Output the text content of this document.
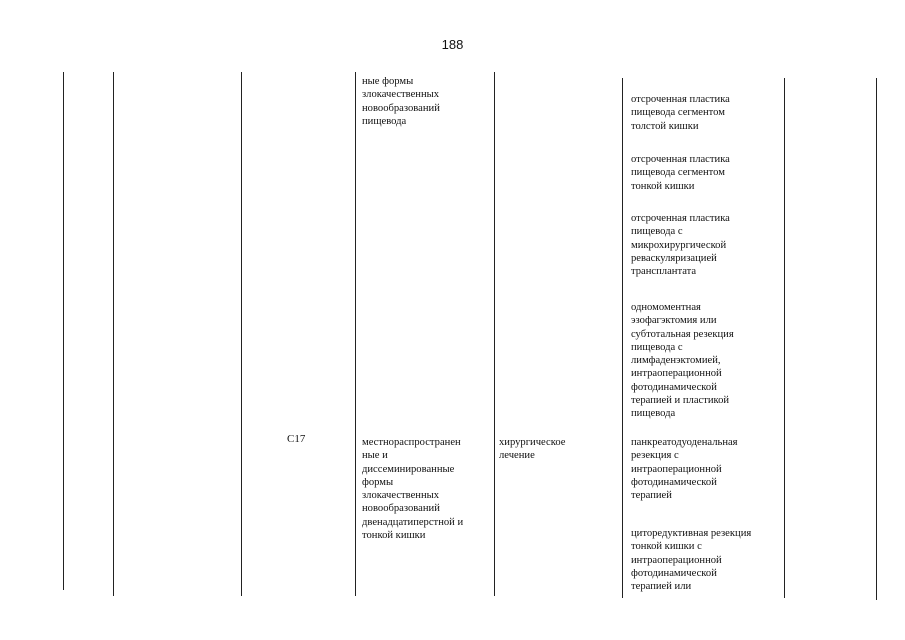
188
ные формы
злокачественных
новообразований
пищевода
отсроченная пластика
пищевода сегментом
толстой кишки
отсроченная пластика
пищевода сегментом
тонкой кишки
отсроченная пластика
пищевода с
микрохирургической
реваскуляризацией
трансплантата
одномоментная
эзофагэктомия или
субтотальная резекция
пищевода с
лимфаденэктомией,
интраоперационной
фотодинамической
терапией и пластикой
пищевода
C17	местнораспространен
ные и
диссеминированные
формы
злокачественных
новообразований
двенадцатиперстной и
тонкой кишки
хирургическое
лечение
панкреатодуоденальная
резекция с
интраоперационной
фотодинамической
терапией
циторедуктивная резекция
тонкой кишки с
интраоперационной
фотодинамической
терапией или
